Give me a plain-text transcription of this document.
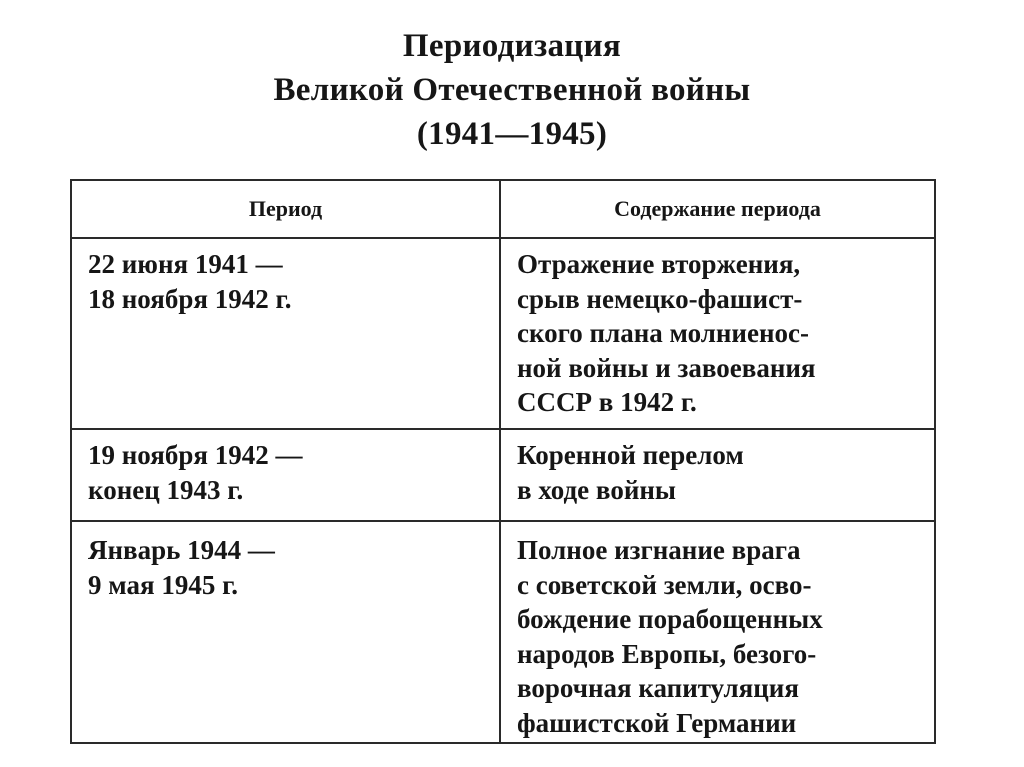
Периодизация
Великой Отечественной войны
(1941—1945)
Период	Содержание периода
22 июня 1941 —
18 ноября 1942 г.
Отражение вторжения,
срыв немецко-фашист-
ского плана молниенос-
ной войны и завоевания
СССР в 1942 г.
19 ноября 1942 —
конец 1943 г.
Коренной перелом
в ходе войны
Январь 1944 —
9 мая 1945 г.
Полное изгнание врага
с советской земли, осво-
бождение порабощенных
народов Европы, безого-
ворочная капитуляция
фашистской Германии
